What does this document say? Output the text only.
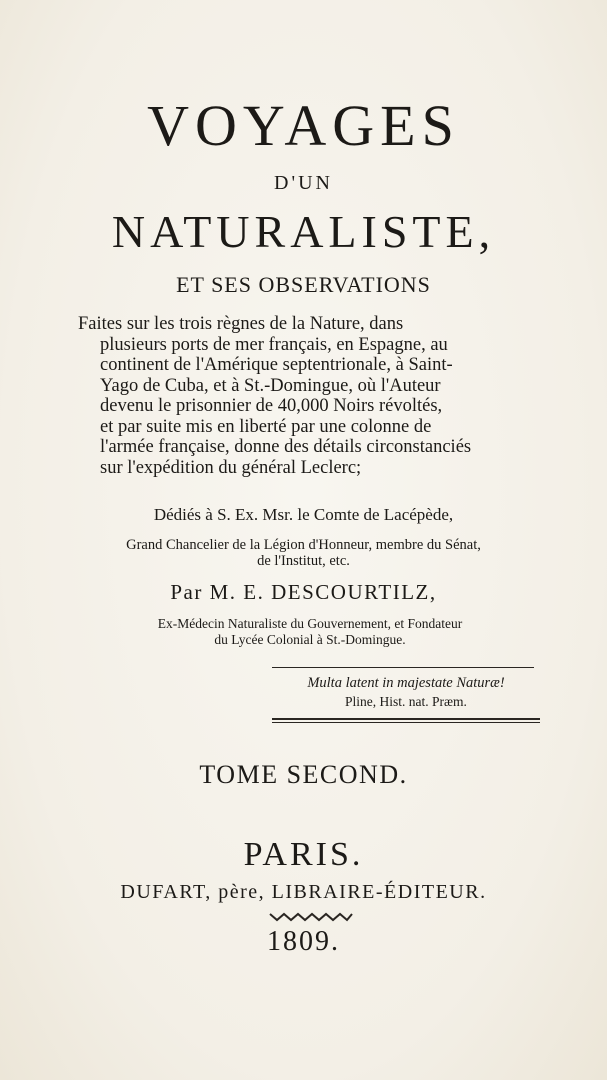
VOYAGES
D'UN
NATURALISTE,
ET SES OBSERVATIONS
Faites sur les trois règnes de la Nature, dans
plusieurs ports de mer français, en Espagne, au
continent de l'Amérique septentrionale, à Saint-
Yago de Cuba, et à St.-Domingue, où l'Auteur
devenu le prisonnier de 40,000 Noirs révoltés,
et par suite mis en liberté par une colonne de
l'armée française, donne des détails circonstanciés
sur l'expédition du général Leclerc;
Dédiés à S. Ex. Msr. le Comte de Lacépède,
Grand Chancelier de la Légion d'Honneur, membre du Sénat,
de l'Institut, etc.
Par M. E. DESCOURTILZ,
Ex-Médecin Naturaliste du Gouvernement, et Fondateur
du Lycée Colonial à St.-Domingue.
Multa latent in majestate Naturæ!
Pline, Hist. nat. Præm.
TOME SECOND.
PARIS.
DUFART, père, LIBRAIRE-ÉDITEUR.
1809.
